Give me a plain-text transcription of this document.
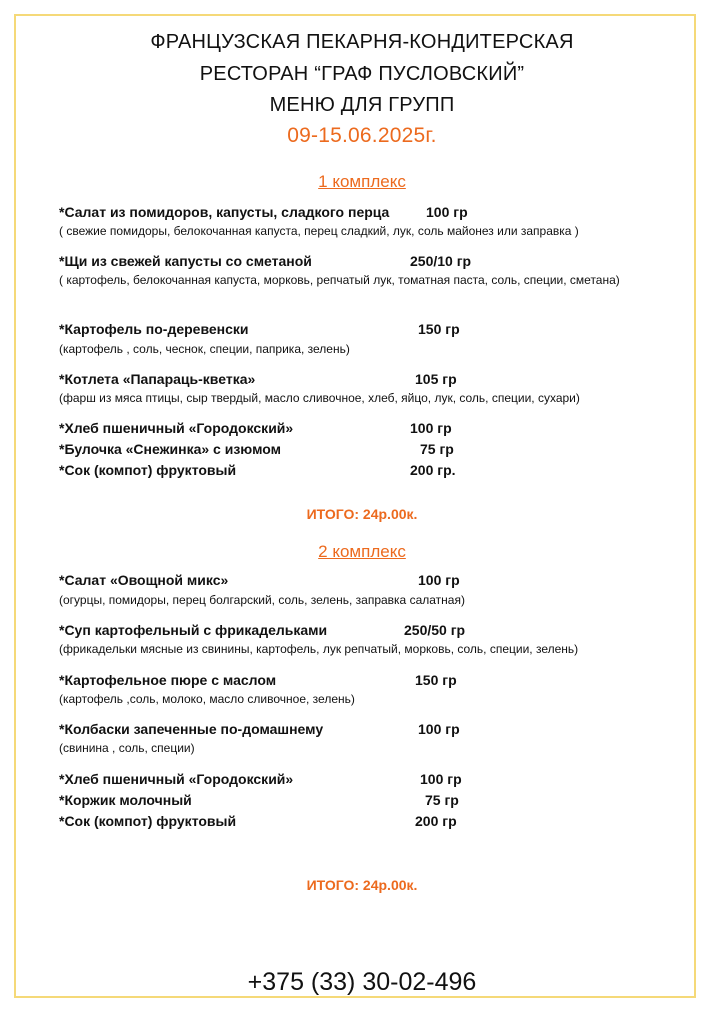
ФРАНЦУЗСКАЯ ПЕКАРНЯ-КОНДИТЕРСКАЯ
РЕСТОРАН “ГРАФ ПУСЛОВСКИЙ”
МЕНЮ ДЛЯ ГРУПП
09-15.06.2025г.
1 комплекс
*Салат из помидоров, капусты, сладкого перца	100 гр
( свежие помидоры, белокочанная капуста, перец сладкий, лук, соль майонез или заправка )
*Щи из свежей капусты со сметаной	250/10 гр
( картофель, белокочанная капуста, морковь, репчатый лук, томатная паста, соль, специи, сметана)
*Картофель по-деревенски	150 гр
(картофель , соль, чеснок, специи, паприка, зелень)
*Котлета «Папараць-кветка»	105 гр
(фарш из мяса птицы, сыр твердый, масло сливочное, хлеб, яйцо, лук, соль, специи, сухари)
*Хлеб пшеничный «Городокский»	100 гр
*Булочка «Снежинка» с изюмом	75 гр
*Сок (компот) фруктовый	200 гр.
ИТОГО: 24р.00к.
2 комплекс
*Салат «Овощной микс»	100 гр
(огурцы, помидоры, перец болгарский, соль, зелень, заправка салатная)
*Суп картофельный с фрикадельками	250/50 гр
(фрикадельки мясные из свинины, картофель, лук репчатый, морковь, соль, специи, зелень)
*Картофельное пюре с маслом	150 гр
(картофель ,соль, молоко, масло сливочное, зелень)
*Колбаски запеченные по-домашнему	100 гр
(свинина , соль, специи)
*Хлеб пшеничный «Городокский»	100 гр
*Коржик молочный	75 гр
*Сок (компот) фруктовый	200 гр
ИТОГО: 24р.00к.
+375 (33) 30-02-496
